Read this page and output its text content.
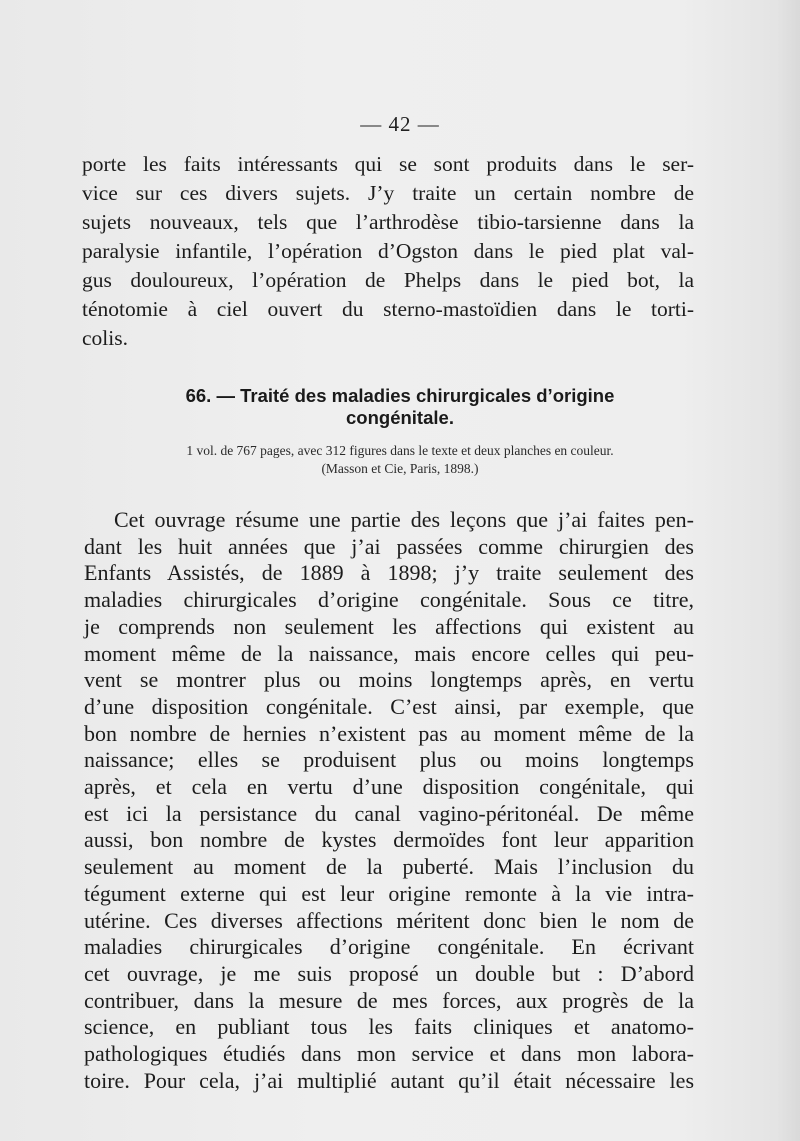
— 42 —
porte les faits intéressants qui se sont produits dans le ser-
vice sur ces divers sujets. J’y traite un certain nombre de
sujets nouveaux, tels que l’arthrodèse tibio-tarsienne dans la
paralysie infantile, l’opération d’Ogston dans le pied plat val-
gus douloureux, l’opération de Phelps dans le pied bot, la
ténotomie à ciel ouvert du sterno-mastoïdien dans le torti-
colis.
66. — Traité des maladies chirurgicales d’origine
congénitale.
1 vol. de 767 pages, avec 312 figures dans le texte et deux planches en couleur.
(Masson et Cie, Paris, 1898.)
Cet ouvrage résume une partie des leçons que j’ai faites pen-
dant les huit années que j’ai passées comme chirurgien des
Enfants Assistés, de 1889 à 1898; j’y traite seulement des
maladies chirurgicales d’origine congénitale. Sous ce titre,
je comprends non seulement les affections qui existent au
moment même de la naissance, mais encore celles qui peu-
vent se montrer plus ou moins longtemps après, en vertu
d’une disposition congénitale. C’est ainsi, par exemple, que
bon nombre de hernies n’existent pas au moment même de la
naissance; elles se produisent plus ou moins longtemps
après, et cela en vertu d’une disposition congénitale, qui
est ici la persistance du canal vagino-péritonéal. De même
aussi, bon nombre de kystes dermoïdes font leur apparition
seulement au moment de la puberté. Mais l’inclusion du
tégument externe qui est leur origine remonte à la vie intra-
utérine. Ces diverses affections méritent donc bien le nom de
maladies chirurgicales d’origine congénitale. En écrivant
cet ouvrage, je me suis proposé un double but : D’abord
contribuer, dans la mesure de mes forces, aux progrès de la
science, en publiant tous les faits cliniques et anatomo-
pathologiques étudiés dans mon service et dans mon labora-
toire. Pour cela, j’ai multiplié autant qu’il était nécessaire les
